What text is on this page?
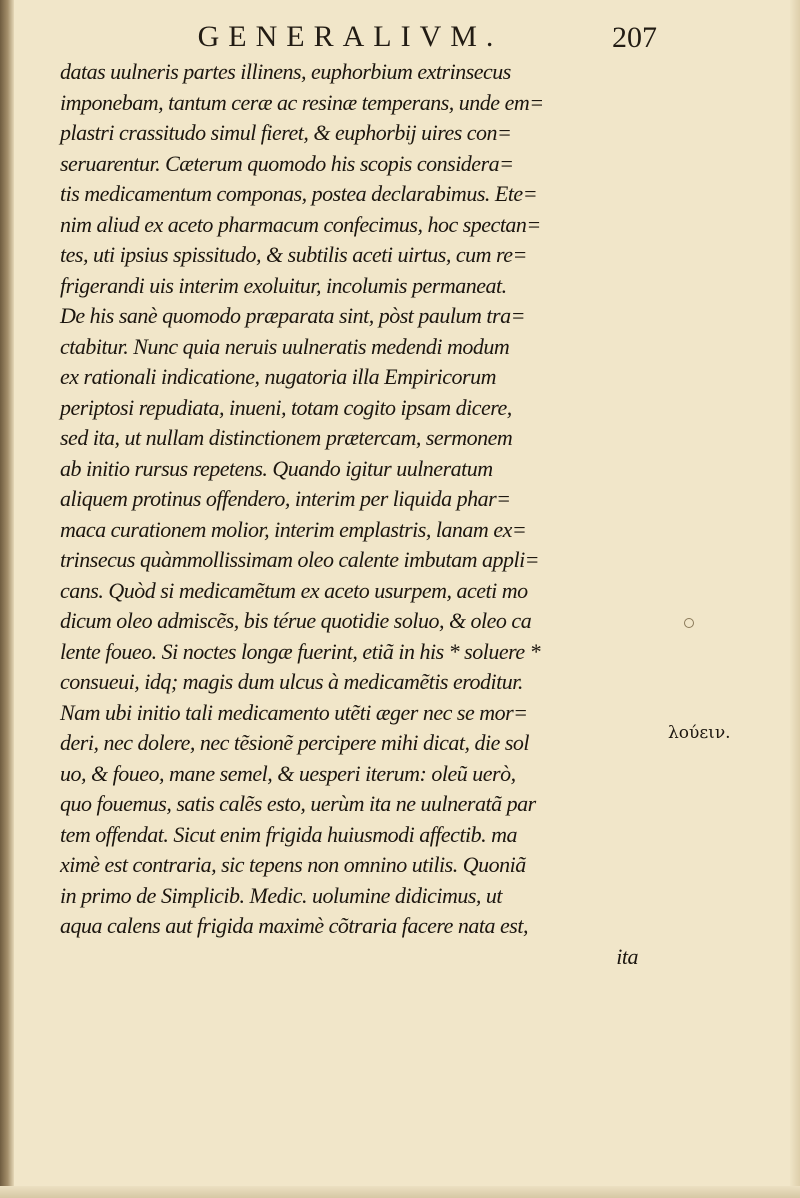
GENERALIVM.	207
datas uulneris partes illinens, euphorbium extrinsecus
imponebam, tantum ceræ ac resinæ temperans, unde em=
plastri crassitudo simul fieret, & euphorbij uires con=
seruarentur. Cæterum quomodo his scopis considera=
tis medicamentum componas, postea declarabimus. Ete=
nim aliud ex aceto pharmacum confecimus, hoc spectan=
tes, uti ipsius spissitudo, & subtilis aceti uirtus, cum re=
frigerandi uis interim exoluitur, incolumis permaneat.
De his sanè quomodo præparata sint, pòst paulum tra=
ctabitur. Nunc quia neruis uulneratis medendi modum
ex rationali indicatione, nugatoria illa Empiricorum
periptosi repudiata, inueni, totam cogito ipsam dicere,
sed ita, ut nullam distinctionem prætercam, sermonem
ab initio rursus repetens. Quando igitur uulneratum
aliquem protinus offendero, interim per liquida phar=
maca curationem molior, interim emplastris, lanam ex=
trinsecus quàmmollissimam oleo calente imbutam appli=
cans. Quòd si medicamẽtum ex aceto usurpem, aceti mo
dicum oleo admiscẽs, bis térue quotidie soluo, & oleo ca
lente foueo. Si noctes longæ fuerint, etiã in his * soluere *
consueui, idq; magis dum ulcus à medicamẽtis eroditur.
Nam ubi initio tali medicamento utẽti æger nec se mor=
deri, nec dolere, nec tẽsionẽ percipere mihi dicat, die sol
uo, & foueo, mane semel, & uesperi iterum: oleũ uerò,
quo fouemus, satis calẽs esto, uerùm ita ne uulneratã par
tem offendat. Sicut enim frigida huiusmodi affectib. ma
ximè est contraria, sic tepens non omnino utilis. Quoniã
in primo de Simplicib. Medic. uolumine didicimus, ut
aqua calens aut frigida maximè cõtraria facere nata est,
ita
λούειν.
